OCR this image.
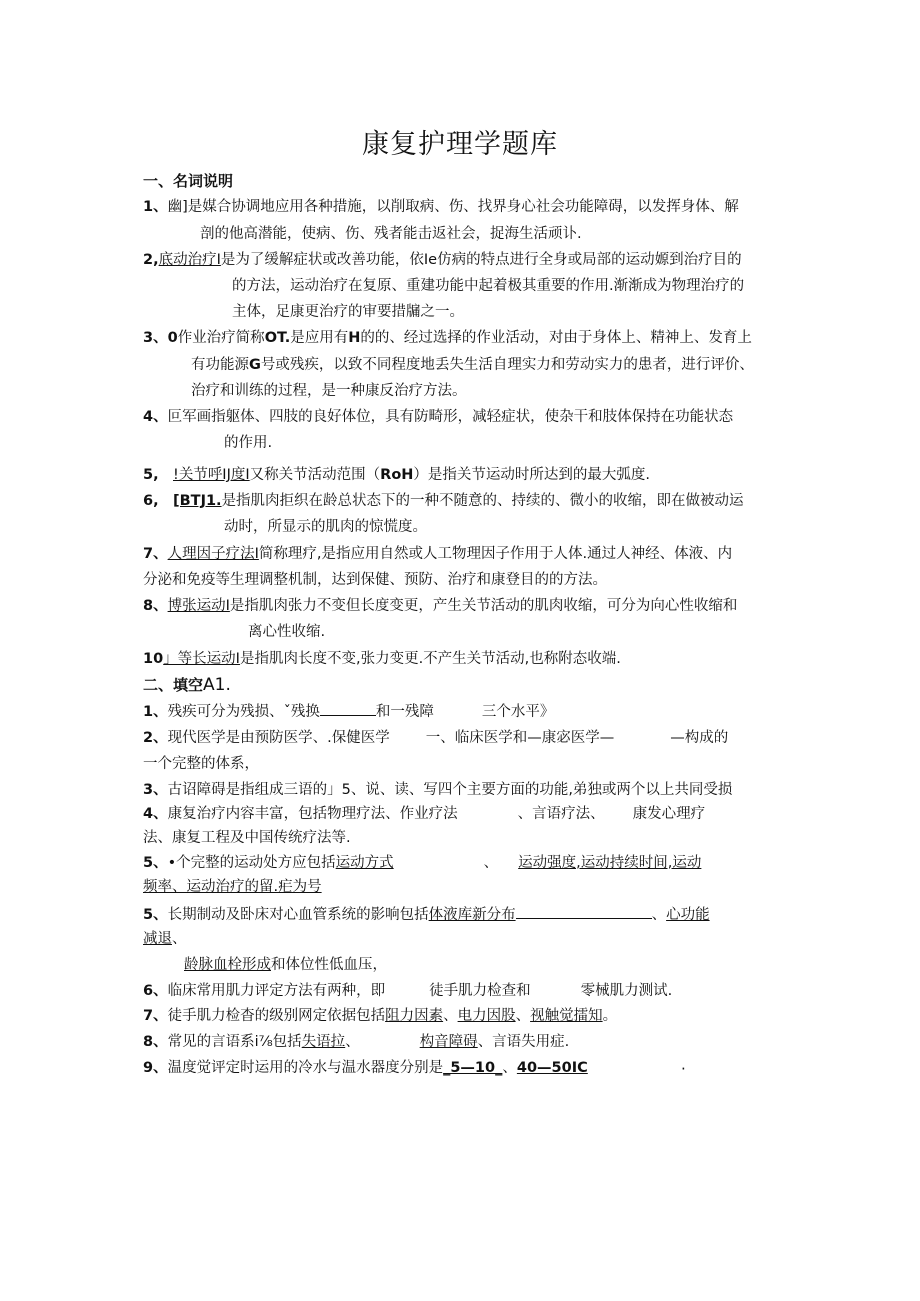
康复护理学题库
一、名词说明
1、幽]是媒合协调地应用各种措施，以削取病、伤、找界身心社会功能障碍，以发挥身体、解
剖的他高潜能，使病、伤、残者能击返社会，捉海生活顽讣.
2,底动治疗I是为了缓解症状或改善功能，依Ie仿病的特点进行全身或局部的运动嫄到治疗目的
的方法，运动治疗在复原、重建功能中起着极其重要的作用.渐渐成为物理治疗的
主体，足康更治疗的审要措牖之一。
3、0作业治疗简称OT.是应用有H的的、经过选择的作业活动，对由于身体上、精神上、发育上
有功能源G号或残疾，以致不同程度地丢失生活自理实力和劳动实力的患者，进行评价、
治疗和训练的过程，是一种康反治疗方法。
4、叵军画指躯体、四肢的良好体位，具有防畸形，减轻症状，使杂干和肢体保持在功能状态
的作用.
5, !关节呼IJ度I又称关节活动范围（RoH）是指关节运动时所达到的最大弧度.
6, [BTJ1.是指肌肉拒织在龄总状态下的一种不随意的、持续的、微小的收缩，即在做被动运
动时，所显示的肌肉的惊慌度。
7、人理因子疗法I简称理疗,是指应用自然或人工物理因子作用于人体.通过人神经、体液、内
分泌和免疫等生理调整机制，达到保健、预防、治疗和康登目的的方法。
8、博张运动I是指肌肉张力不变但长度变更，产生关节活动的肌肉收缩，可分为向心性收缩和
离心性收缩.
10」等长运动I是指肌肉长度不变,张力变更.不产生关节活动,也称附态收端.
二、填空A1.
1、残疾可分为残损、ˇ残换	和一残障	三个水平》
2、现代医学是由预防医学、.保健医学 一、临床医学和—康宓医学—	—构成的
一个完整的体系，
3、古诏障碍是指组成三语的」5、说、读、写四个主要方面的功能,弟独或两个以上共同受损
4、康复治疗内容丰富，包括物理疗法、作业疗法	、言语疗法、 康发心理疗
法、康复工程及中国传统疗法等.
5、•个完整的运动处方应包括运动方式	、 运动强度,运动持续时间,运动
频率、运动治疗的留.疟为号
5、长期制动及卧床对心血管系统的影响包括体液库新分布	、心功能
减退、
龄脉血栓形成和体位性低血压，
6、临床常用肌力评定方法有两种，即	徒手肌力检查和	零械肌力测试.
7、徒手肌力检杳的级别网定依据包括阻力因素、电力因股、视触觉擂知。
8、常见的言语系i⅞包括失语拉、	构音障碍、言语失用症.
9、温度觉评定时运用的冷水与温水器度分别是_5—10_、40—50IC	·
